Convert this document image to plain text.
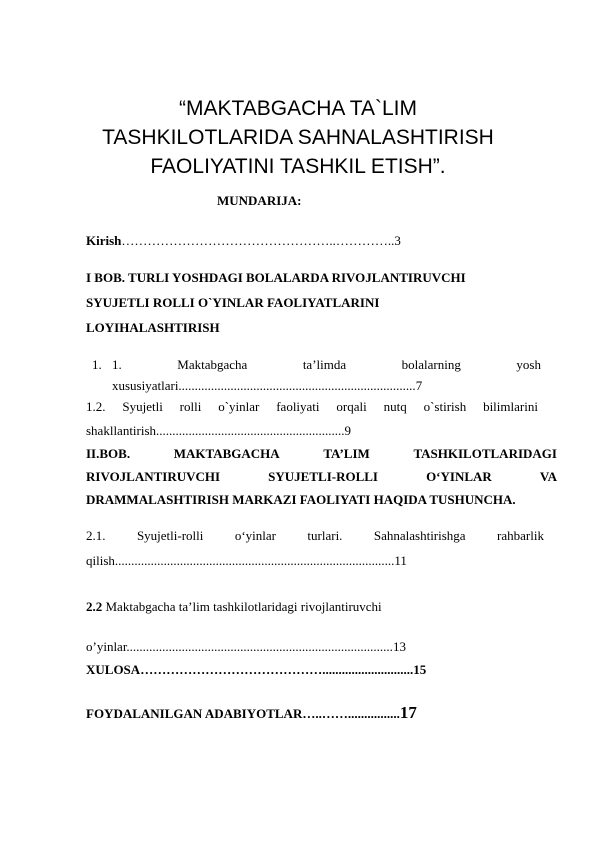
“MAKTABGACHA TA`LIM
TASHKILOTLARIDA SAHNALASHTIRISH
FAOLIYATINI TASHKIL ETISH”.
MUNDARIJA:
Kirish…………………………………………..…………..3
I BOB. TURLI YOSHDAGI BOLALARDA RIVOJLANTIRUVCHI
SYUJETLI ROLLI O`YINLAR FAOLIYATLARINI
LOYIHALASHTIRISH
1. 1.	Maktabgacha	ta’limda	bolalarning	yosh
xususiyatlari.........................................................................7
1.2. Syujetli rolli o`yinlar faoliyati orqali nutq o`stirish bilimlarini
shakllantirish..........................................................9
II.BOB.	MAKTABGACHA	TA’LIM	TASHKILOTLARIDAGI
RIVOJLANTIRUVCHI	SYUJETLI-ROLLI	O‘YINLAR	VA
DRAMMALASHTIRISH MARKAZI FAOLIYATI HAQIDA TUSHUNCHA.
2.1. Syujetli-rolli o‘yinlar turlari. Sahnalashtirishga rahbarlik
qilish......................................................................................11
2.2 Maktabgacha ta’lim tashkilotlaridagi rivojlantiruvchi
o’yinlar..................................................................................13
XULOSA……………………………………............................15
FOYDALANILGAN ADABIYOTLAR…..……................17
